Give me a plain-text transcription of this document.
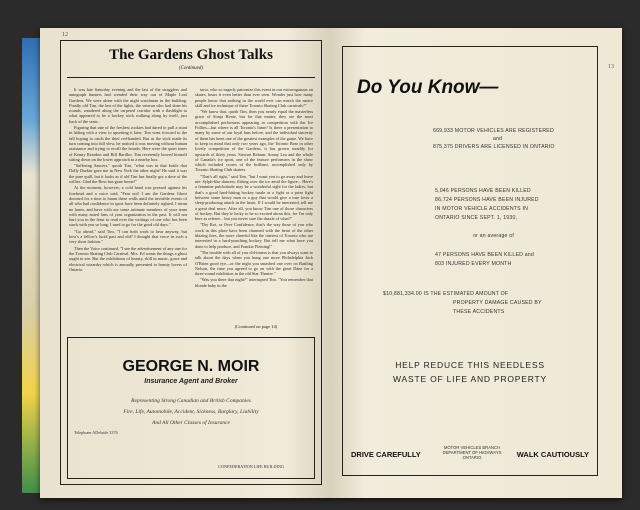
12
The Gardens Ghost Talks
(Continued)

It was late Saturday evening and the last of the stragglers and autograph hunters had wended their way out of Maple Leaf Gardens. We were alone with the night watchman in the building. Finally old Tim, the last of the lights, the veteran who had done his rounds, wandered along the carpeted corridor with a flashlight to what appeared to be a hockey stick walking along by itself, just back of the seats.

Figuring that one of the freshest rookies had dared to pull a stunt in hiding with a view to upsetting it later, Tim went forward to the fall hoping to catch the thief red-handed. But as the stick made its turn coming into full view, he noticed it was moving without human assistance and trying to recall the boards. Here were the quiet tones of Kenny Reardon and Bill Barilko; Tim reverently bowed himself sitting down on the lower approach to a nearby box.

"Suffering Saucers," quoth Tim, "what was in that bottle that Dolly Durkin gave me in New York the other night? He said it was the pure quill, but it looks as if old Tim has finally got a dose of the willies. Glad the Boss has gone home!"

At the moment, however, a cold hand was pressed against his forehead and a voice said, "Fear not! I am the Gardens Ghost doomed for a time to haunt these walls until the invisible events of all who had confidence in sport have been definitely righted. I mean no harm, and have with me some intimate members of your team with many noted fans of your organization in the past. It will not hurt you in the least to read over the writings of one who has been stuck with you so long. I used to go for the good old days."

"Go ahead," said Tim, "I can both work to hear anyway, but how's a fellow's lucid past and old? I thought that voice in such a very short fashion."

Then the Voice continued, "I see the advertisement of any one for the Toronto Skating Club Carnival. Mrs. Ed wants the things a ghost ought to see. But the exhibitions of beauty, skill in music, grace and electrical wizardry which is annually presented to beauty lovers of Ontario.

tario, who so eagerly patronize this event in our extravaganzas on skates, bears it even better than ever seen. Wonder just how many people know that nothing in the world ever can match the native skill and ice technique of these Toronto Skating Club carnivals?"

"We know that, quoth Tim, then you nearly equal the masterless grace of Sonja Henie, but for that matter, they are the most accomplished performers appearing in competition with the Ice Follies—but where is all Toronto's fame? Is there a presentation to many by some of our loyal fans before, and the individual sincerity of them has been one of the greatest examples of the game. We have to keep in mind that only two years ago, the Toronto Bear in other lovely competition of the Gardens, it has grown steadily for upwards of thirty years. Stewart Reburn, Sonny Lea and the whole of Canada's ice sport, one of the feature performers in the show which included scores of the brilliant, accomplished only by Toronto Skating Club skaters.

"That's all right," said Tim, "but I want you to go away and leave me. Sylph-like dancers, flitting over the ice amid the figure... Here's a feminine pulchritude may be a wonderful sight for the ladies, but that's a good hard-hitting hockey tussle or a fight or a prize fight between some heavy man or a guy that would give a true lover a sleep-producing attack in the heart. If I would be interested, tell me a great deal more. After all, you know Tim one of those characters of hockey. But they're lucky to be so excited about this, for I'm only here as referee... but you never sure the dazzle of what?"

"Dry Rot, or Over Confidence, that's the way those of you who work in this place have been charmed with the heart of the other blazing fires, the more cheerful like the interest of Toronto who are interested in a hard-punching hockey. But tell me what have you done to help produce, and Frankie Fleming!"

"The trouble with all of you old-timers is that you always want to talk about the days when you hung one more Philadelphia Jack O'Brien good eye—or the night you smashed one over on Battling Nelson, the time you agreed to go on with the great Dane for a three-round exhibition in the old Star Theatre."

"Was you there that night?" interrupted Tim. "You remember that blonde baby in the

(Continued on page 14)
GEORGE N. MOIR
Insurance Agent and Broker
Representing Strong Canadian and British Companies
Fire, Life, Automobile, Accident, Sickness, Burglary, Liability
And All Other Classes of Insurance
Telephone ADelaide 3376
CONFEDERATION LIFE BUILDING
13
Do You Know—
669,933 MOTOR VEHICLES ARE REGISTERED
and
875,375 DRIVERS ARE LICENSED IN ONTARIO
5,046 PERSONS HAVE BEEN KILLED
86,724 PERSONS HAVE BEEN INJURED
IN MOTOR VEHICLE ACCIDENTS IN
ONTARIO SINCE SEPT. 1, 1930,
or an average of
47 PERSONS HAVE BEEN KILLED and
803 INJURED EVERY MONTH
$10,881,334.00 IS THE ESTIMATED AMOUNT OF
PROPERTY DAMAGE CAUSED BY
THESE ACCIDENTS
HELP REDUCE THIS NEEDLESS
WASTE OF LIFE AND PROPERTY
DRIVE CAREFULLY
MOTOR VEHICLES BRANCH
DEPARTMENT OF HIGHWAYS
ONTARIO	WALK CAUTIOUSLY
